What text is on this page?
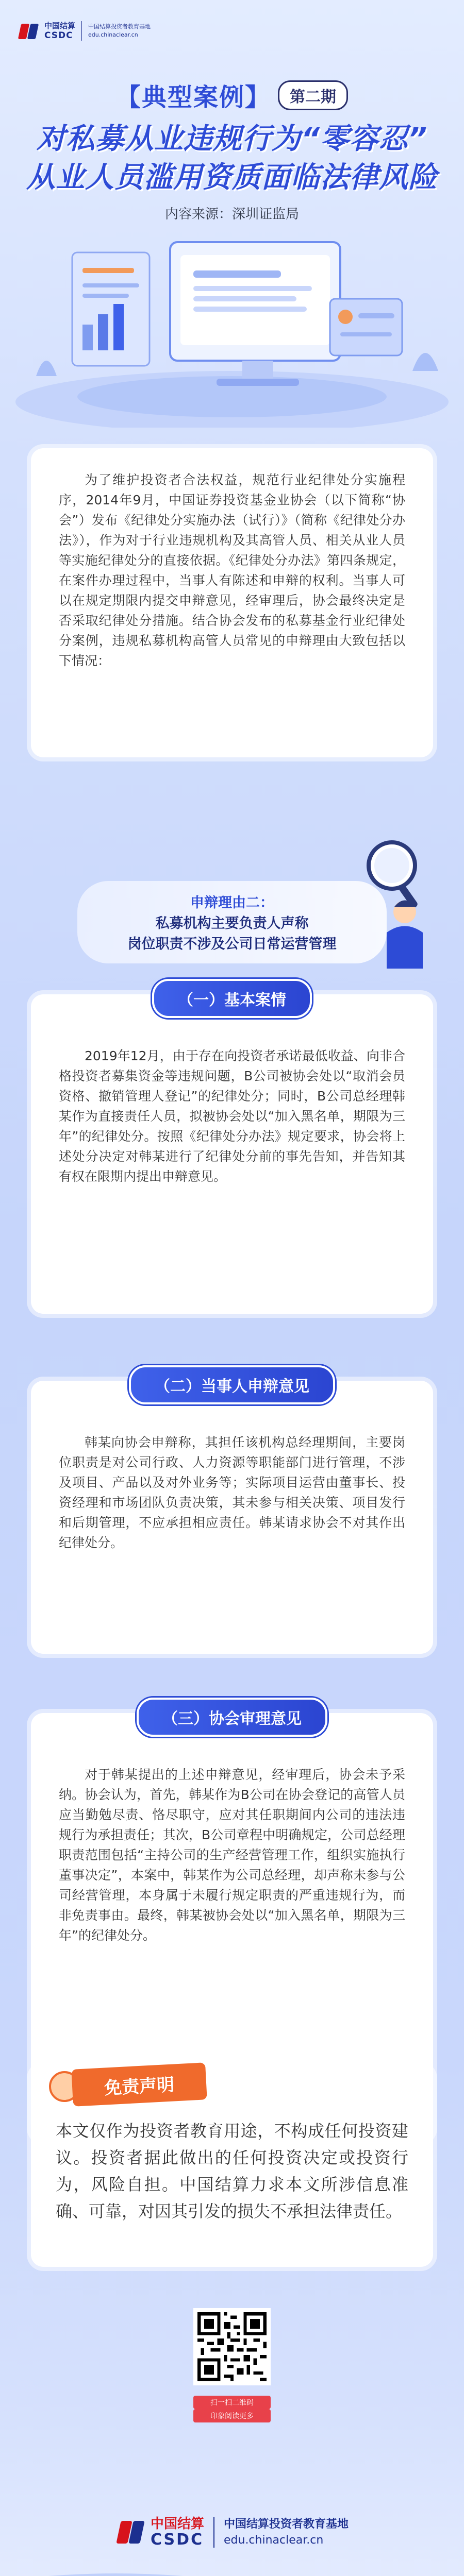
中国结算
CSDC
中国结算投资者教育基地
edu.chinaclear.cn
【典型案例】	第二期
对私募从业违规行为“零容忍”
从业人员滥用资质面临法律风险
内容来源：深圳证监局

为了维护投资者合法权益，规范行业纪律处分实施程序，2014年9月，中国证券投资基金业协会（以下简称“协会”）发布《纪律处分实施办法（试行）》（简称《纪律处分办法》），作为对于行业违规机构及其高管人员、相关从业人员等实施纪律处分的直接依据。《纪律处分办法》第四条规定，在案件办理过程中，当事人有陈述和申辩的权利。当事人可以在规定期限内提交申辩意见，经审理后，协会最终决定是否采取纪律处分措施。结合协会发布的私募基金行业纪律处分案例，违规私募机构高管人员常见的申辩理由大致包括以下情况：

申辩理由二：
私募机构主要负责人声称
岗位职责不涉及公司日常运营管理

2019年12月，由于存在向投资者承诺最低收益、向非合格投资者募集资金等违规问题，B公司被协会处以“取消会员资格、撤销管理人登记”的纪律处分；同时，B公司总经理韩某作为直接责任人员，拟被协会处以“加入黑名单，期限为三年”的纪律处分。按照《纪律处分办法》规定要求，协会将上述处分决定对韩某进行了纪律处分前的事先告知，并告知其有权在限期内提出申辩意见。

（一）基本案情

韩某向协会申辩称，其担任该机构总经理期间，主要岗位职责是对公司行政、人力资源等职能部门进行管理，不涉及项目、产品以及对外业务等；实际项目运营由董事长、投资经理和市场团队负责决策，其未参与相关决策、项目发行和后期管理，不应承担相应责任。韩某请求协会不对其作出纪律处分。

（二）当事人申辩意见

对于韩某提出的上述申辩意见，经审理后，协会未予采纳。协会认为，首先，韩某作为B公司在协会登记的高管人员应当勤勉尽责、恪尽职守，应对其任职期间内公司的违法违规行为承担责任；其次，B公司章程中明确规定，公司总经理职责范围包括“主持公司的生产经营管理工作，组织实施执行董事决定”，本案中，韩某作为公司总经理，却声称未参与公司经营管理，本身属于未履行规定职责的严重违规行为，而非免责事由。最终，韩某被协会处以“加入黑名单，期限为三年”的纪律处分。

（三）协会审理意见

本文仅作为投资者教育用途，不构成任何投资建议。投资者据此做出的任何投资决定或投资行为，风险自担。中国结算力求本文所涉信息准确、可靠，对因其引发的损失不承担法律责任。

免责声明
扫一扫二维码
印象阅读更多
中国结算
CSDC
中国结算投资者教育基地
edu.chinaclear.cn
